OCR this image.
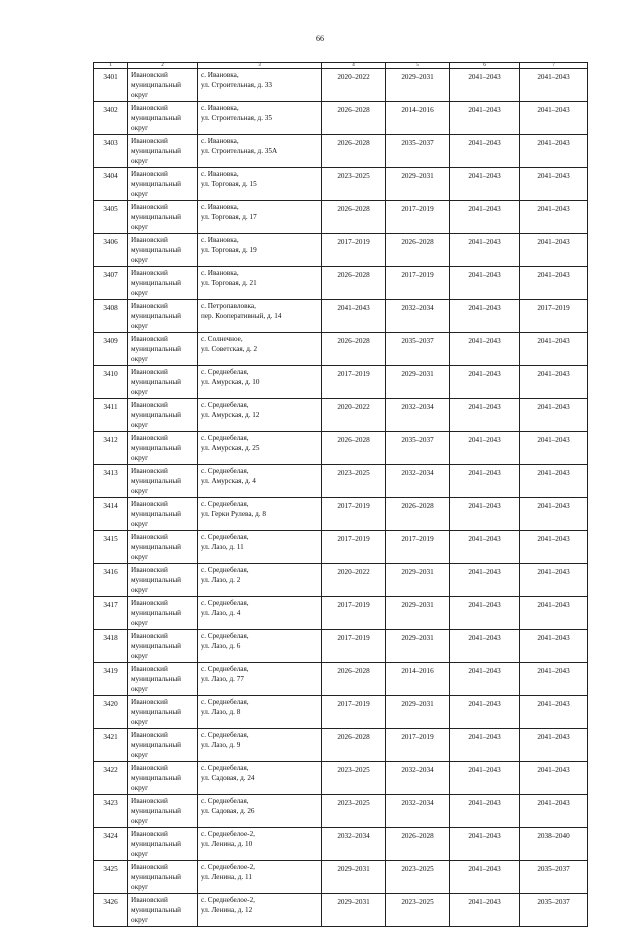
66
1	2	3	4	5	6	7
3401	Ивановский муниципальный округ	с. Ивановка,
ул. Строительная, д. 33	2020–2022	2029–2031	2041–2043	2041–2043

3402	Ивановский муниципальный округ	с. Ивановка,
ул. Строительная, д. 35	2026–2028	2014–2016	2041–2043	2041–2043

3403	Ивановский муниципальный округ	с. Ивановка,
ул. Строительная, д. 35А	2026–2028	2035–2037	2041–2043	2041–2043

3404	Ивановский муниципальный округ	с. Ивановка,
ул. Торговая, д. 15	2023–2025	2029–2031	2041–2043	2041–2043

3405	Ивановский муниципальный округ	с. Ивановка,
ул. Торговая, д. 17	2026–2028	2017–2019	2041–2043	2041–2043

3406	Ивановский муниципальный округ	с. Ивановка,
ул. Торговая, д. 19	2017–2019	2026–2028	2041–2043	2041–2043

3407	Ивановский муниципальный округ	с. Ивановка,
ул. Торговая, д. 21	2026–2028	2017–2019	2041–2043	2041–2043

3408	Ивановский муниципальный округ	с. Петропавловка,
пер. Кооперативный, д. 14	2041–2043	2032–2034	2041–2043	2017–2019

3409	Ивановский муниципальный округ	с. Солнечное,
ул. Советская, д. 2	2026–2028	2035–2037	2041–2043	2041–2043

3410	Ивановский муниципальный округ	с. Среднебелая,
ул. Амурская, д. 10	2017–2019	2029–2031	2041–2043	2041–2043

3411	Ивановский муниципальный округ	с. Среднебелая,
ул. Амурская, д. 12	2020–2022	2032–2034	2041–2043	2041–2043

3412	Ивановский муниципальный округ	с. Среднебелая,
ул. Амурская, д. 25	2026–2028	2035–2037	2041–2043	2041–2043

3413	Ивановский муниципальный округ	с. Среднебелая,
ул. Амурская, д. 4	2023–2025	2032–2034	2041–2043	2041–2043

3414	Ивановский муниципальный округ	с. Среднебелая,
ул. Герки Рулева, д. 8	2017–2019	2026–2028	2041–2043	2041–2043

3415	Ивановский муниципальный округ	с. Среднебелая,
ул. Лазо, д. 11	2017–2019	2017–2019	2041–2043	2041–2043

3416	Ивановский муниципальный округ	с. Среднебелая,
ул. Лазо, д. 2	2020–2022	2029–2031	2041–2043	2041–2043

3417	Ивановский муниципальный округ	с. Среднебелая,
ул. Лазо, д. 4	2017–2019	2029–2031	2041–2043	2041–2043

3418	Ивановский муниципальный округ	с. Среднебелая,
ул. Лазо, д. 6	2017–2019	2029–2031	2041–2043	2041–2043

3419	Ивановский муниципальный округ	с. Среднебелая,
ул. Лазо, д. 77	2026–2028	2014–2016	2041–2043	2041–2043

3420	Ивановский муниципальный округ	с. Среднебелая,
ул. Лазо, д. 8	2017–2019	2029–2031	2041–2043	2041–2043

3421	Ивановский муниципальный округ	с. Среднебелая,
ул. Лазо, д. 9	2026–2028	2017–2019	2041–2043	2041–2043

3422	Ивановский муниципальный округ	с. Среднебелая,
ул. Садовая, д. 24	2023–2025	2032–2034	2041–2043	2041–2043

3423	Ивановский муниципальный округ	с. Среднебелая,
ул. Садовая, д. 26	2023–2025	2032–2034	2041–2043	2041–2043

3424	Ивановский муниципальный округ	с. Среднебелое-2,
ул. Ленина, д. 10	2032–2034	2026–2028	2041–2043	2038–2040

3425	Ивановский муниципальный округ	с. Среднебелое-2,
ул. Ленина, д. 11	2029–2031	2023–2025	2041–2043	2035–2037

3426	Ивановский муниципальный округ	с. Среднебелое-2,
ул. Ленина, д. 12	2029–2031	2023–2025	2041–2043	2035–2037
